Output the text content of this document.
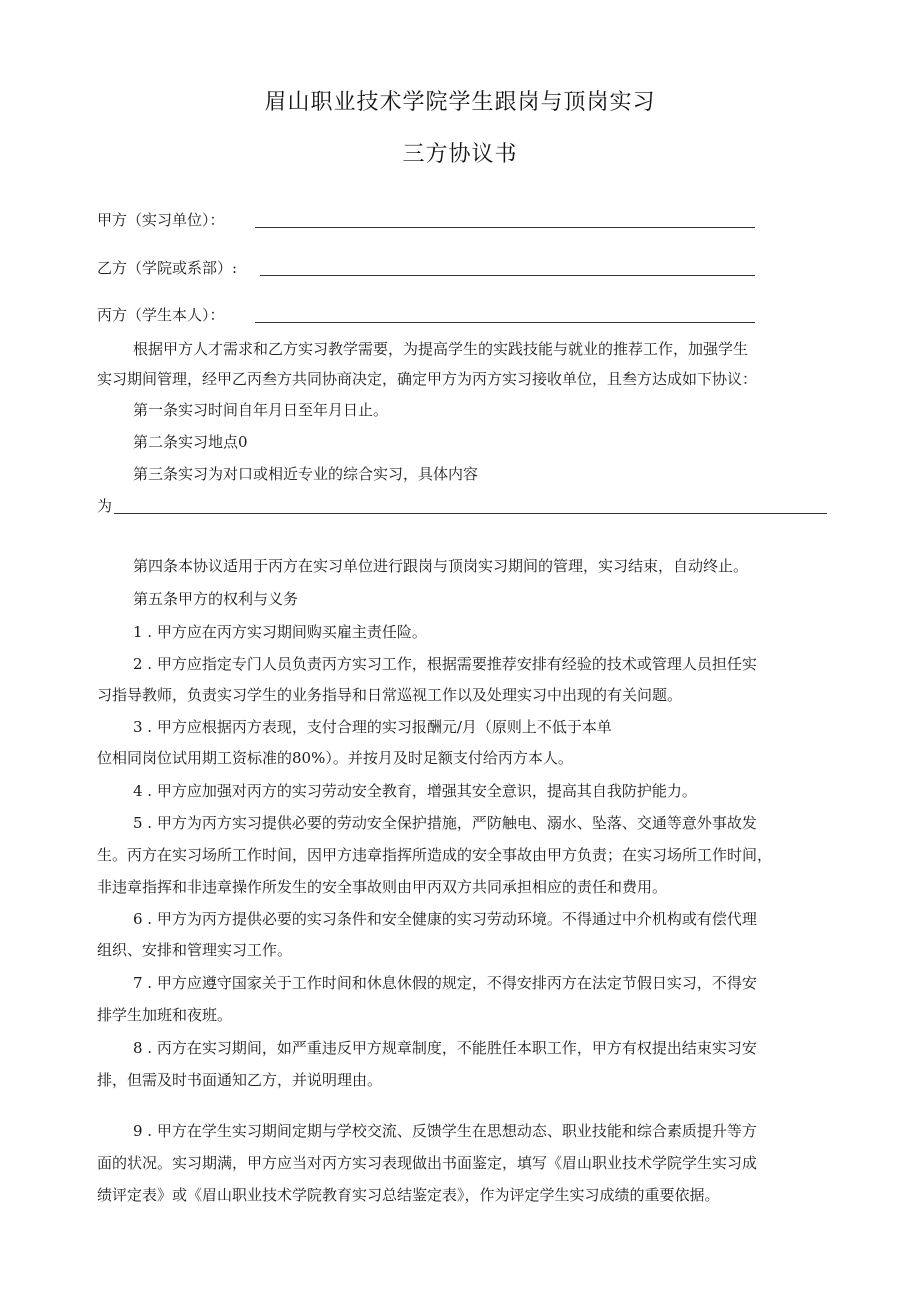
眉山职业技术学院学生跟岗与顶岗实习
三方协议书
甲方（实习单位）：
乙方（学院或系部）:
丙方（学生本人）：

根据甲方人才需求和乙方实习教学需要，为提高学生的实践技能与就业的推荐工作，加强学生

实习期间管理，经甲乙丙叁方共同协商决定，确定甲方为丙方实习接收单位，且叁方达成如下协议：

第一条实习时间自年月日至年月日止。

第二条实习地点0

第三条实习为对口或相近专业的综合实习，具体内容

为

第四条本协议适用于丙方在实习单位进行跟岗与顶岗实习期间的管理，实习结束，自动终止。

第五条甲方的权利与义务

1 . 甲方应在丙方实习期间购买雇主责任险。

2 . 甲方应指定专门人员负责丙方实习工作，根据需要推荐安排有经验的技术或管理人员担任实

习指导教师，负责实习学生的业务指导和日常巡视工作以及处理实习中出现的有关问题。

3 . 甲方应根据丙方表现，支付合理的实习报酬元/月（原则上不低于本单

位相同岗位试用期工资标准的80%）。并按月及时足额支付给丙方本人。

4 . 甲方应加强对丙方的实习劳动安全教育，增强其安全意识，提高其自我防护能力。

5 . 甲方为丙方实习提供必要的劳动安全保护措施，严防触电、溺水、坠落、交通等意外事故发

生。丙方在实习场所工作时间，因甲方违章指挥所造成的安全事故由甲方负责；在实习场所工作时间，

非违章指挥和非违章操作所发生的安全事故则由甲丙双方共同承担相应的责任和费用。

6 . 甲方为丙方提供必要的实习条件和安全健康的实习劳动环境。不得通过中介机构或有偿代理

组织、安排和管理实习工作。

7 . 甲方应遵守国家关于工作时间和休息休假的规定，不得安排丙方在法定节假日实习，不得安

排学生加班和夜班。

8 . 丙方在实习期间，如严重违反甲方规章制度，不能胜任本职工作，甲方有权提出结束实习安

排，但需及时书面通知乙方，并说明理由。

9 . 甲方在学生实习期间定期与学校交流、反馈学生在思想动态、职业技能和综合素质提升等方

面的状况。实习期满，甲方应当对丙方实习表现做出书面鉴定，填写《眉山职业技术学院学生实习成

绩评定表》或《眉山职业技术学院教育实习总结鉴定表》，作为评定学生实习成绩的重要依据。
